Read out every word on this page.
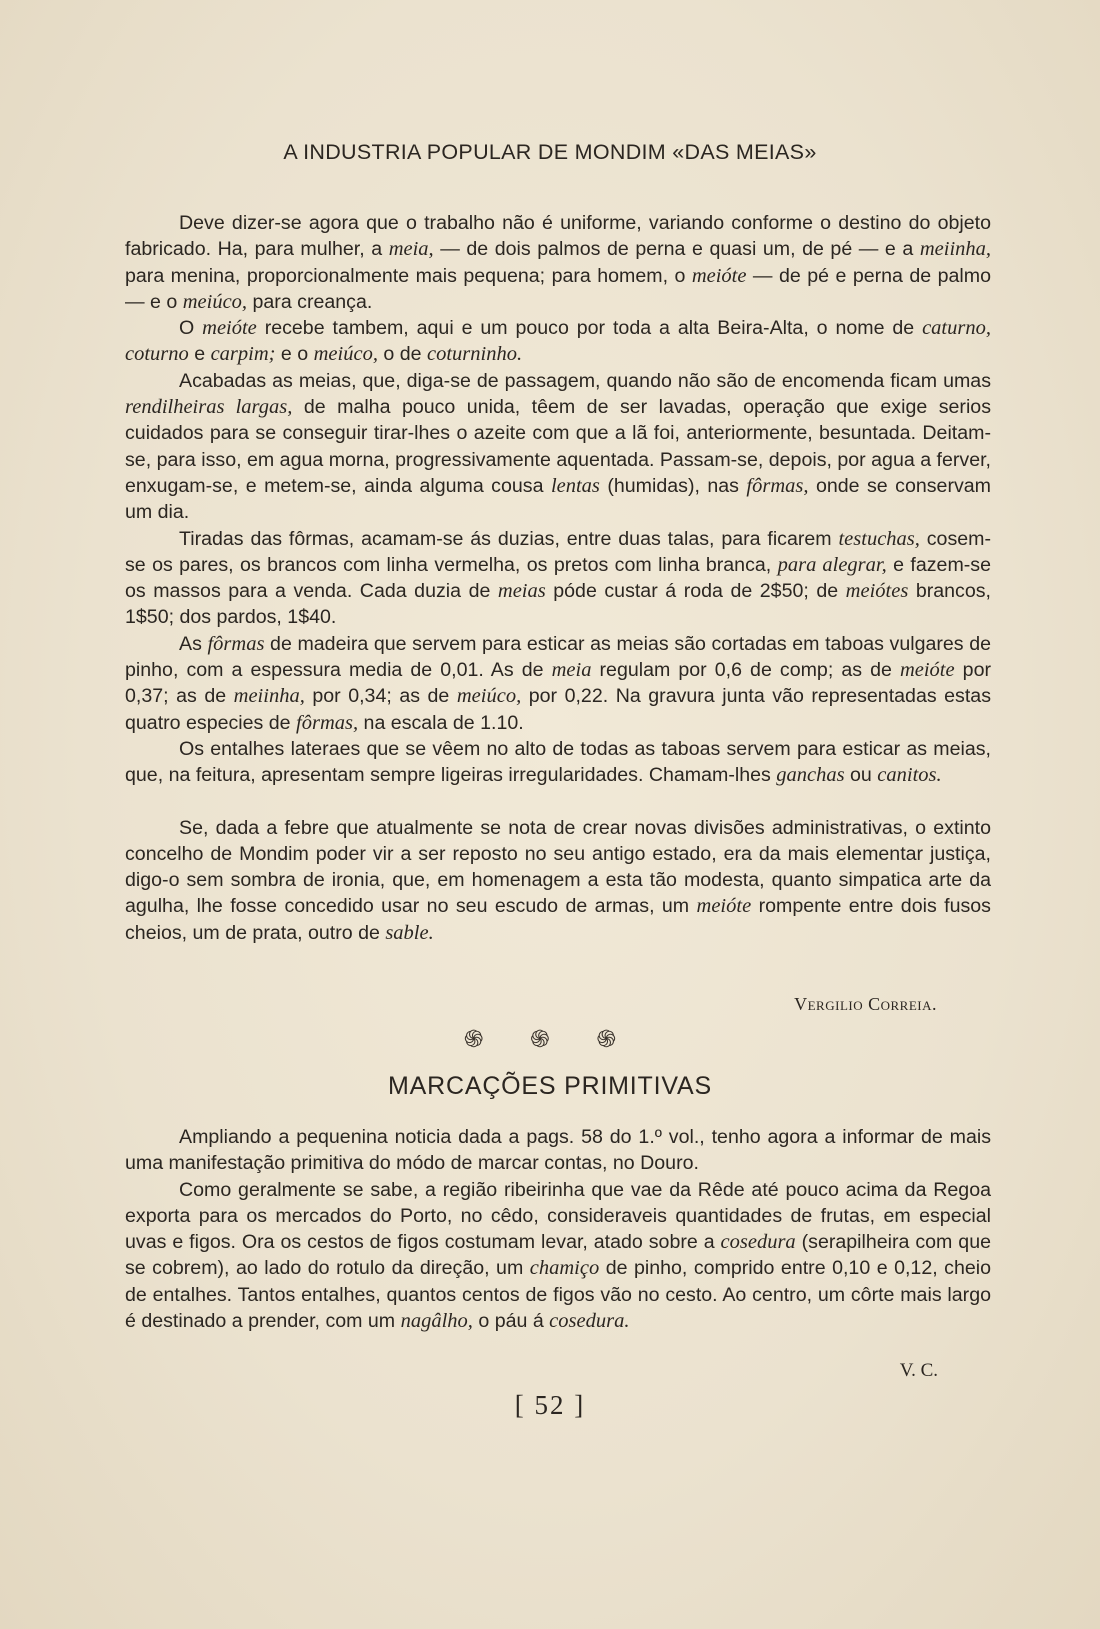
A INDUSTRIA POPULAR DE MONDIM «DAS MEIAS»

Deve dizer-se agora que o trabalho não é uniforme, variando conforme o destino do objeto fabricado. Ha, para mulher, a meia, — de dois palmos de perna e quasi um, de pé — e a meiinha, para menina, proporcionalmente mais pequena; para homem, o meióte — de pé e perna de palmo — e o meiúco, para creança.

O meióte recebe tambem, aqui e um pouco por toda a alta Beira-Alta, o nome de caturno, coturno e carpim; e o meiúco, o de coturninho.

Acabadas as meias, que, diga-se de passagem, quando não são de encomenda ficam umas rendilheiras largas, de malha pouco unida, têem de ser lavadas, operação que exige serios cuidados para se conseguir tirar-lhes o azeite com que a lã foi, anteriormente, besuntada. Deitam-se, para isso, em agua morna, progressivamente aquentada. Passam-se, depois, por agua a ferver, enxugam-se, e metem-se, ainda alguma cousa lentas (humidas), nas fôrmas, onde se conservam um dia.

Tiradas das fôrmas, acamam-se ás duzias, entre duas talas, para ficarem testuchas, cosem-se os pares, os brancos com linha vermelha, os pretos com linha branca, para alegrar, e fazem-se os massos para a venda. Cada duzia de meias póde custar á roda de 2$50; de meiótes brancos, 1$50; dos pardos, 1$40.

As fôrmas de madeira que servem para esticar as meias são cortadas em taboas vulgares de pinho, com a espessura media de 0,01. As de meia regulam por 0,6 de comp; as de meióte por 0,37; as de meiinha, por 0,34; as de meiúco, por 0,22. Na gravura junta vão representadas estas quatro especies de fôrmas, na escala de 1.10.

Os entalhes lateraes que se vêem no alto de todas as taboas servem para esticar as meias, que, na feitura, apresentam sempre ligeiras irregularidades. Chamam-lhes ganchas ou canitos.

Se, dada a febre que atualmente se nota de crear novas divisões administrativas, o extinto concelho de Mondim poder vir a ser reposto no seu antigo estado, era da mais elementar justiça, digo-o sem sombra de ironia, que, em homenagem a esta tão modesta, quanto simpatica arte da agulha, lhe fosse concedido usar no seu escudo de armas, um meióte rompente entre dois fusos cheios, um de prata, outro de sable.

Vergilio Correia.
֍ ֍ ֍
MARCAÇÕES PRIMITIVAS

Ampliando a pequenina noticia dada a pags. 58 do 1.º vol., tenho agora a informar de mais uma manifestação primitiva do módo de marcar contas, no Douro.

Como geralmente se sabe, a região ribeirinha que vae da Rêde até pouco acima da Regoa exporta para os mercados do Porto, no cêdo, consideraveis quantidades de frutas, em especial uvas e figos. Ora os cestos de figos costumam levar, atado sobre a cosedura (serapilheira com que se cobrem), ao lado do rotulo da direção, um chamiço de pinho, comprido entre 0,10 e 0,12, cheio de entalhes. Tantos entalhes, quantos centos de figos vão no cesto. Ao centro, um côrte mais largo é destinado a prender, com um nagâlho, o páu á cosedura.

V. C.
[ 52 ]
